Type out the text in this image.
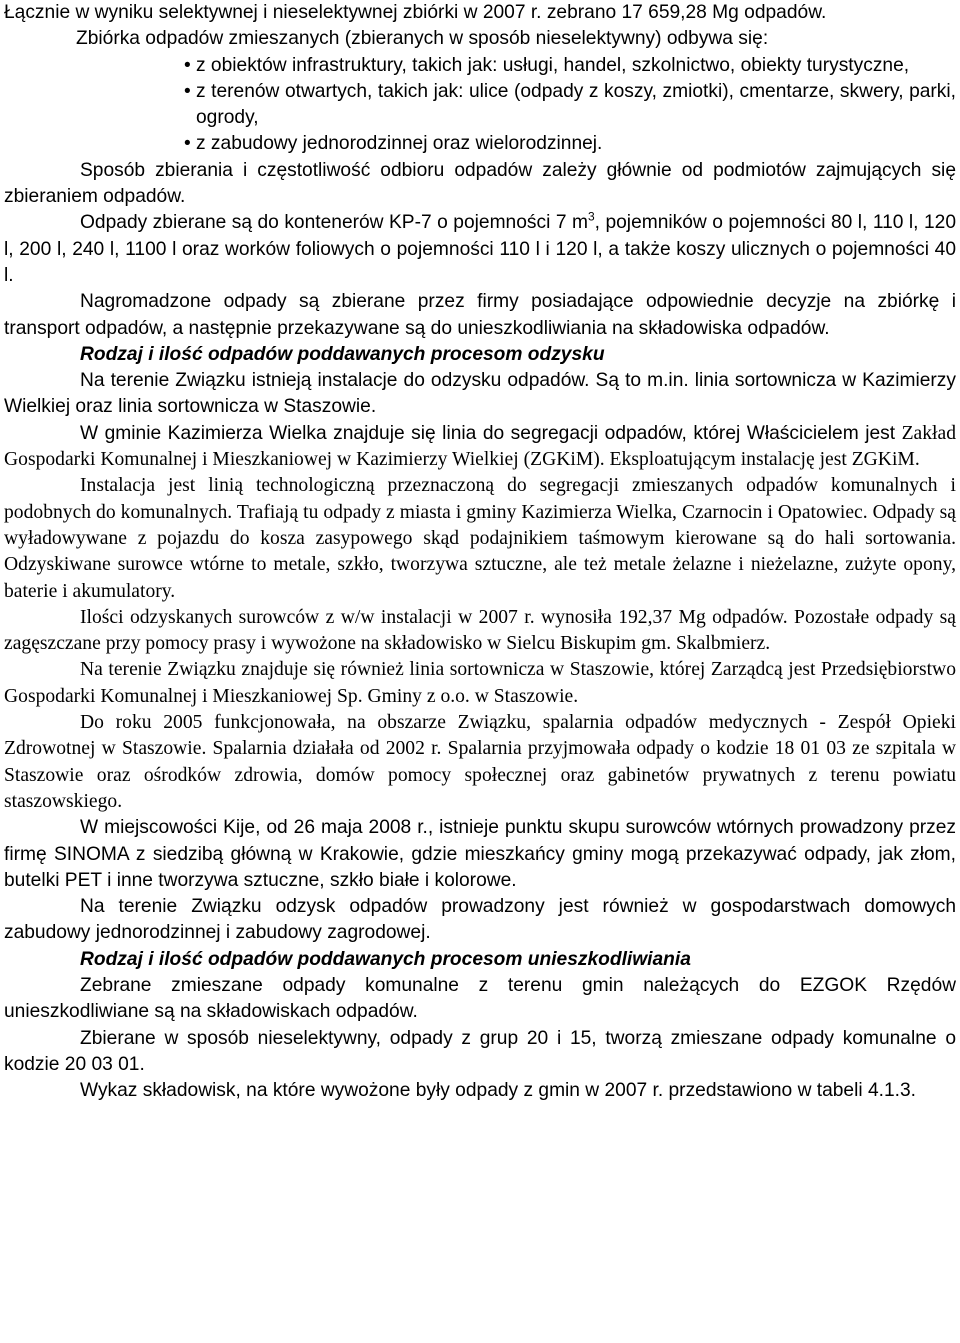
Łącznie w wyniku selektywnej i nieselektywnej zbiórki w 2007 r. zebrano 17 659,28 Mg odpadów.

Zbiórka odpadów zmieszanych (zbieranych w sposób nieselektywny) odbywa się:

•z obiektów infrastruktury, takich jak: usługi, handel, szkolnictwo, obiekty turystyczne,
•z terenów otwartych, takich jak: ulice (odpady z koszy, zmiotki), cmentarze, skwery, parki, ogrody,
•z zabudowy jednorodzinnej oraz wielorodzinnej.

Sposób zbierania i częstotliwość odbioru odpadów zależy głównie od podmiotów zajmujących się zbieraniem odpadów.

Odpady zbierane są do kontenerów KP-7 o pojemności 7 $m^3$, pojemników o pojemności 80 l, 110 l, 120 l, 200 l, 240 l, 1100 l oraz worków foliowych o pojemności 110 l i 120 l, a także koszy ulicznych o pojemności 40 l.

Nagromadzone odpady są zbierane przez firmy posiadające odpowiednie decyzje na zbiórkę i transport odpadów, a następnie przekazywane są do unieszkodliwiania na składowiska odpadów.

Rodzaj i ilość odpadów poddawanych procesom odzysku

Na terenie Związku istnieją instalacje do odzysku odpadów. Są to m.in. linia sortownicza w Kazimierzy Wielkiej oraz linia sortownicza w Staszowie.

W gminie Kazimierza Wielka znajduje się linia do segregacji odpadów, której Właścicielem jest Zakład Gospodarki Komunalnej i Mieszkaniowej w Kazimierzy Wielkiej (ZGKiM). Eksploatującym instalację jest ZGKiM.

Instalacja jest linią technologiczną przeznaczoną do segregacji zmieszanych odpadów komunalnych i podobnych do komunalnych. Trafiają tu odpady z miasta i gminy Kazimierza Wielka, Czarnocin i Opatowiec. Odpady są wyładowywane z pojazdu do kosza zasypowego skąd podajnikiem taśmowym kierowane są do hali sortowania. Odzyskiwane surowce wtórne to metale, szkło, tworzywa sztuczne, ale też metale żelazne i nieżelazne, zużyte opony, baterie i akumulatory.

Ilości odzyskanych surowców z w/w instalacji w 2007 r. wynosiła 192,37 Mg odpadów. Pozostałe odpady są zagęszczane przy pomocy prasy i wywożone na składowisko w Sielcu Biskupim gm. Skalbmierz.

Na terenie Związku znajduje się również linia sortownicza w Staszowie, której Zarządcą jest Przedsiębiorstwo Gospodarki Komunalnej i Mieszkaniowej Sp. Gminy z o.o. w Staszowie.

Do roku 2005 funkcjonowała, na obszarze Związku, spalarnia odpadów medycznych - Zespół Opieki Zdrowotnej w Staszowie. Spalarnia działała od 2002 r. Spalarnia przyjmowała odpady o kodzie 18 01 03 ze szpitala w Staszowie oraz ośrodków zdrowia, domów pomocy społecznej oraz gabinetów prywatnych z terenu powiatu staszowskiego.

W miejscowości Kije, od 26 maja 2008 r., istnieje punktu skupu surowców wtórnych prowadzony przez firmę SINOMA z siedzibą główną w Krakowie, gdzie mieszkańcy gminy mogą przekazywać odpady, jak złom, butelki PET i inne tworzywa sztuczne, szkło białe i kolorowe.

Na terenie Związku odzysk odpadów prowadzony jest również w gospodarstwach domowych zabudowy jednorodzinnej i zabudowy zagrodowej.

Rodzaj i ilość odpadów poddawanych procesom unieszkodliwiania

Zebrane zmieszane odpady komunalne z terenu gmin należących do EZGOK Rzędów unieszkodliwiane są na składowiskach odpadów.

Zbierane w sposób nieselektywny, odpady z grup 20 i 15, tworzą zmieszane odpady komunalne o kodzie 20 03 01.

Wykaz składowisk, na które wywożone były odpady z gmin w 2007 r. przedstawiono w tabeli 4.1.3.
